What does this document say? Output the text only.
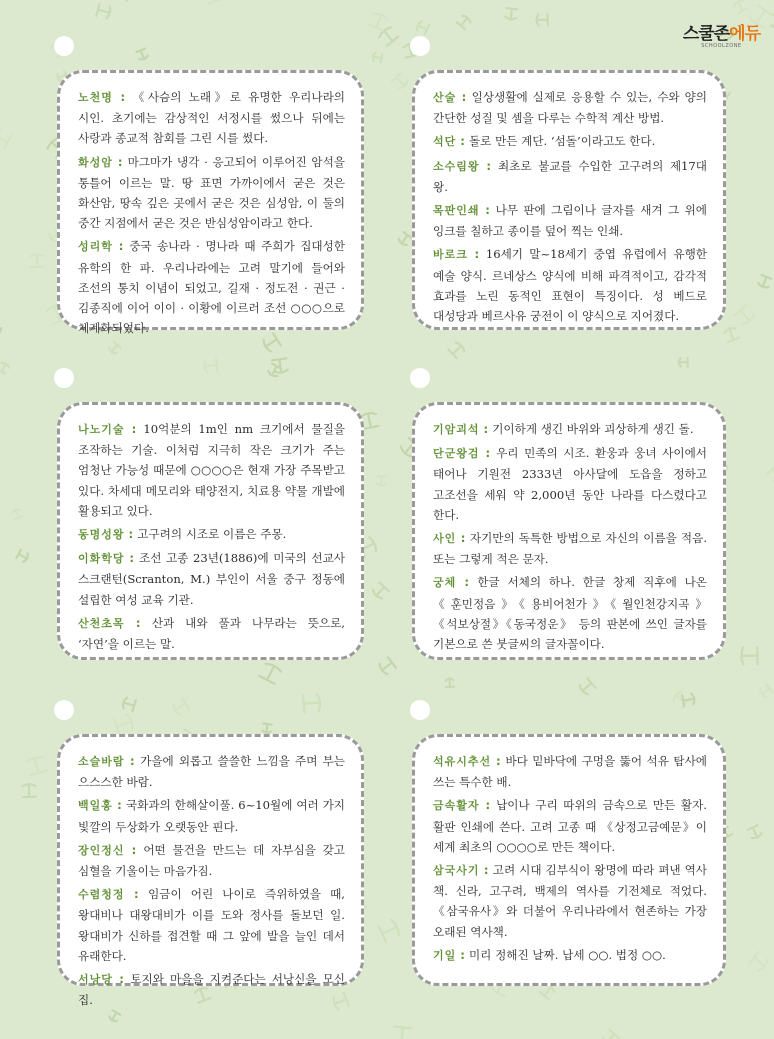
스쿨존에듀
SCHOOLZONE
노천명 : 《사슴의 노래》로 유명한 우리나라의 시인. 초기에는 감상적인 서정시를 썼으나 뒤에는 사랑과 종교적 참회를 그린 시를 썼다.
화성암 : 마그마가 냉각 · 응고되어 이루어진 암석을 통틀어 이르는 말. 땅 표면 가까이에서 굳은 것은 화산암, 땅속 깊은 곳에서 굳은 것은 심성암, 이 둘의 중간 지점에서 굳은 것은 반심성암이라고 한다.
성리학 : 중국 송나라 · 명나라 때 주희가 집대성한 유학의 한 파. 우리나라에는 고려 말기에 들어와 조선의 통치 이념이 되었고, 길재 · 정도전 · 권근 · 김종직에 이어 이이 · 이황에 이르러 조선 ○○○으로 체계화되었다.
산술 : 일상생활에 실제로 응용할 수 있는, 수와 양의 간단한 성질 및 셈을 다루는 수학적 계산 방법.
석단 : 돌로 만든 계단. ‘섬돌’이라고도 한다.
소수림왕 : 최초로 불교를 수입한 고구려의 제17대 왕.
목판인쇄 : 나무 판에 그림이나 글자를 새겨 그 위에 잉크를 칠하고 종이를 덮어 찍는 인쇄.
바로크 : 16세기 말~18세기 중엽 유럽에서 유행한 예술 양식. 르네상스 양식에 비해 파격적이고, 감각적 효과를 노린 동적인 표현이 특징이다. 성 베드로 대성당과 베르사유 궁전이 이 양식으로 지어졌다.
나노기술 : 10억분의 1m인 nm 크기에서 물질을 조작하는 기술. 이처럼 지극히 작은 크기가 주는 엄청난 가능성 때문에 ○○○○은 현재 가장 주목받고 있다. 차세대 메모리와 태양전지, 치료용 약물 개발에 활용되고 있다.
동명성왕 : 고구려의 시조로 이름은 주몽.
이화학당 : 조선 고종 23년(1886)에 미국의 선교사 스크랜턴(Scranton, M.) 부인이 서울 중구 정동에 설립한 여성 교육 기관.
산천초목 : 산과 내와 풀과 나무라는 뜻으로, ‘자연’을 이르는 말.
기암괴석 : 기이하게 생긴 바위와 괴상하게 생긴 돌.
단군왕검 : 우리 민족의 시조. 환웅과 웅녀 사이에서 태어나 기원전 2333년 아사달에 도읍을 정하고 고조선을 세워 약 2,000년 동안 나라를 다스렸다고 한다.
사인 : 자기만의 독특한 방법으로 자신의 이름을 적음. 또는 그렇게 적은 문자.
궁체 : 한글 서체의 하나. 한글 창제 직후에 나온 《훈민정음》《용비어천가》《월인천강지곡》《석보상절》《동국정운》 등의 판본에 쓰인 글자를 기본으로 쓴 붓글씨의 글자꼴이다.
소슬바람 : 가을에 외롭고 쓸쓸한 느낌을 주며 부는 으스스한 바람.
백일홍 : 국화과의 한해살이풀. 6~10월에 여러 가지 빛깔의 두상화가 오랫동안 핀다.
장인정신 : 어떤 물건을 만드는 데 자부심을 갖고 심혈을 기울이는 마음가짐.
수렴청정 : 임금이 어린 나이로 즉위하였을 때, 왕대비나 대왕대비가 이를 도와 정사를 돌보던 일. 왕대비가 신하를 접견할 때 그 앞에 발을 늘인 데서 유래한다.
서낭당 : 토지와 마을을 지켜준다는 서낭신을 모신 집.
석유시추선 : 바다 밑바닥에 구멍을 뚫어 석유 탐사에 쓰는 특수한 배.
금속활자 : 납이나 구리 따위의 금속으로 만든 활자. 활판 인쇄에 쓴다. 고려 고종 때 《상정고금예문》이 세계 최초의 ○○○○로 만든 책이다.
삼국사기 : 고려 시대 김부식이 왕명에 따라 펴낸 역사 책. 신라, 고구려, 백제의 역사를 기전체로 적었다. 《삼국유사》와 더불어 우리나라에서 현존하는 가장 오래된 역사책.
기일 : 미리 정해진 날짜. 납세 ○○. 법정 ○○.
